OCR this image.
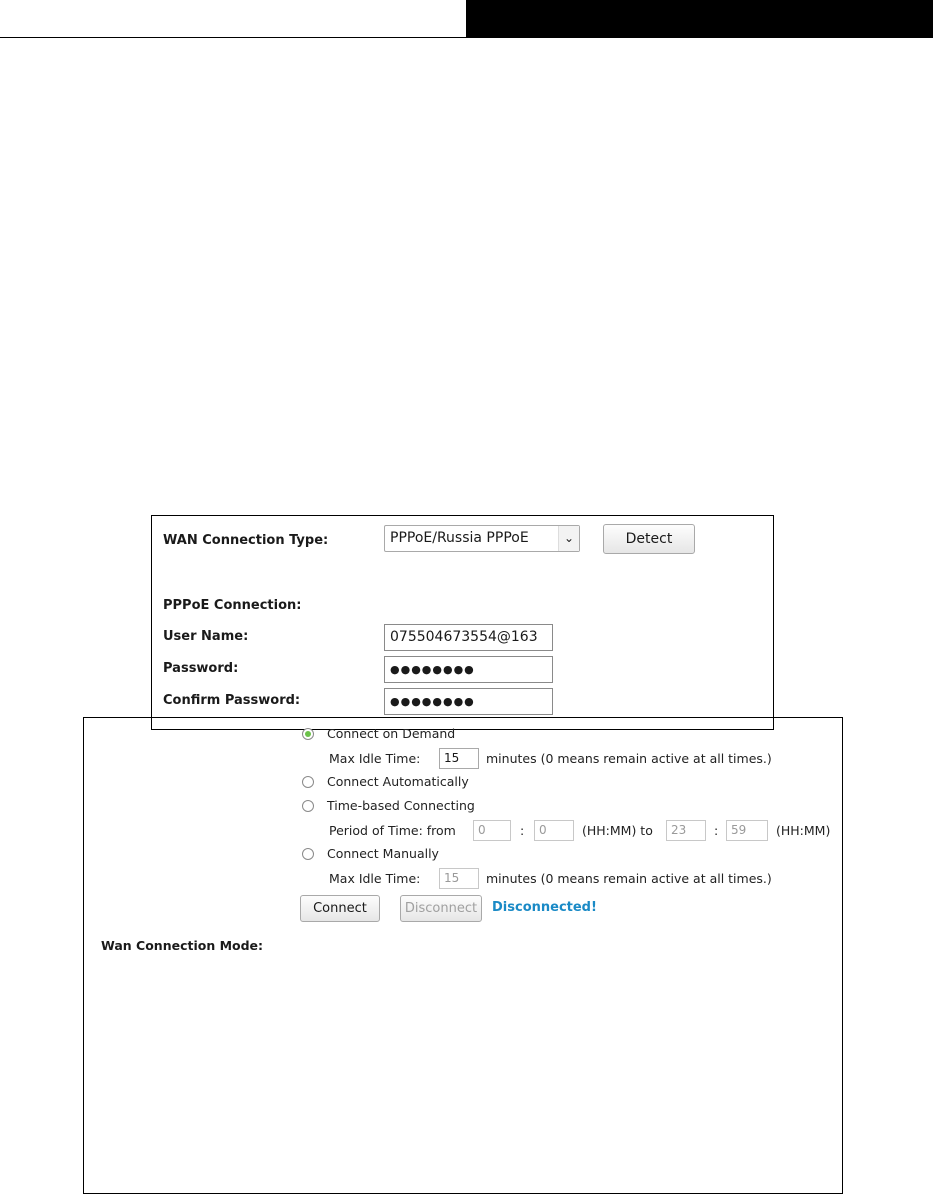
WAN Connection Type:	PPPoE/Russia PPPoE	⌄	Detect
PPPoE Connection:
User Name:	075504673554@163
Password:	●●●●●●●●
Confirm Password:	●●●●●●●●
Wan Connection Mode:
Connect on Demand
Max Idle Time:	15	minutes (0 means remain active at all times.)
Connect Automatically
Time-based Connecting
Period of Time: from	0	:	0	(HH:MM) to	23	:	59	(HH:MM)
Connect Manually
Max Idle Time:	15	minutes (0 means remain active at all times.)
Connect	Disconnect	Disconnected!
